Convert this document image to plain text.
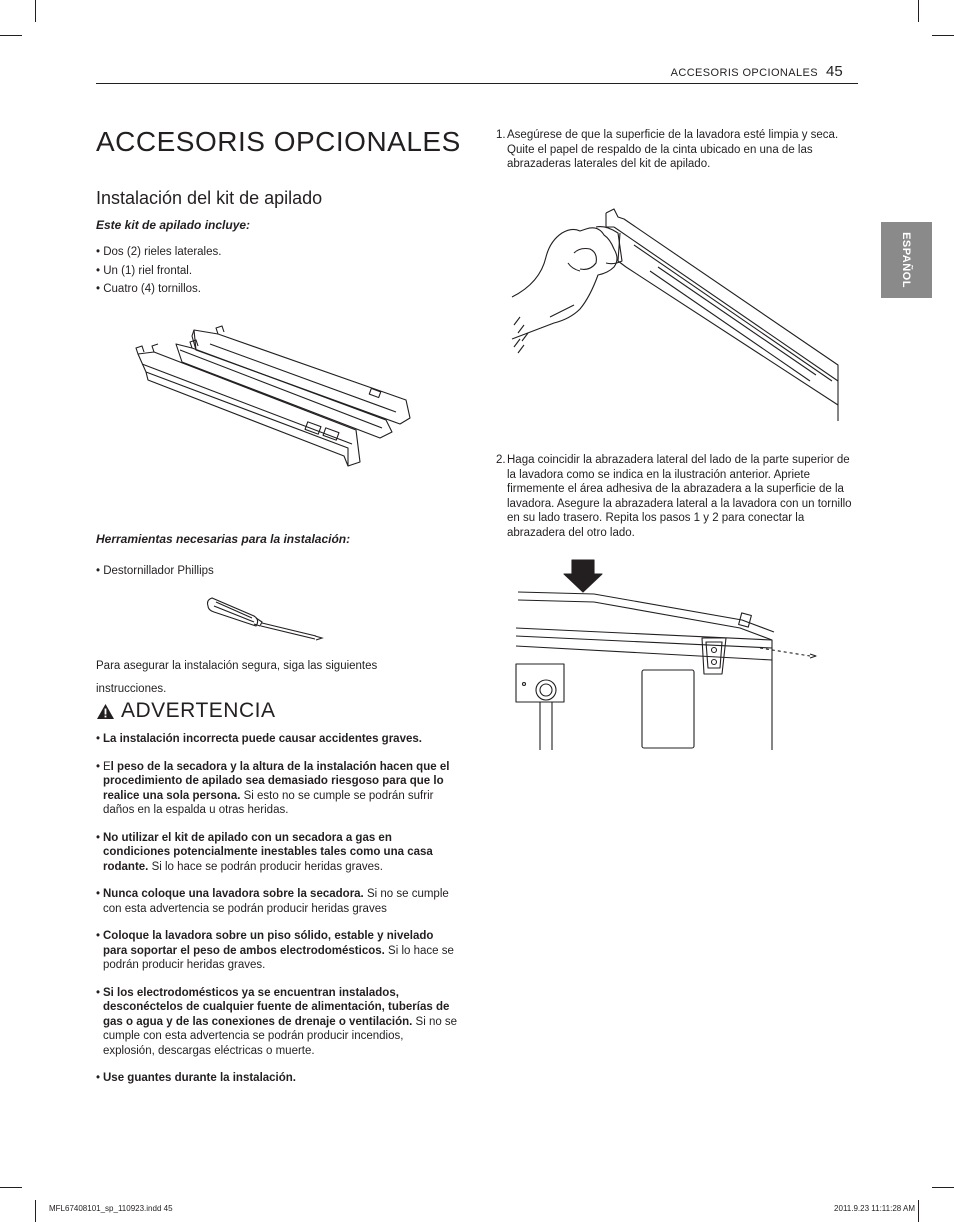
ACCESORIS OPCIONALES 45
ESPAÑOL
ACCESORIS OPCIONALES
Instalación del kit de apilado
Este kit de apilado incluye:
• Dos (2) rieles laterales.
• Un (1) riel frontal.
• Cuatro (4) tornillos.
Herramientas necesarias para la instalación:
• Destornillador Phillips
Para asegurar la instalación segura, siga las siguientes instrucciones.
ADVERTENCIA
• La instalación incorrecta puede causar accidentes graves.
• El peso de la secadora y la altura de la instalación hacen que el procedimiento de apilado sea demasiado riesgoso para que lo realice una sola persona. Si esto no se cumple se podrán sufrir daños en la espalda u otras heridas.
• No utilizar el kit de apilado con un secadora a gas en condiciones potencialmente inestables tales como una casa rodante. Si lo hace se podrán producir heridas graves.
• Nunca coloque una lavadora sobre la secadora. Si no se cumple con esta advertencia se podrán producir heridas graves
• Coloque la lavadora sobre un piso sólido, estable y nivelado para soportar el peso de ambos electrodomésticos. Si lo hace se podrán producir heridas graves.
• Si los electrodomésticos ya se encuentran instalados, desconéctelos de cualquier fuente de alimentación, tuberías de gas o agua y de las conexiones de drenaje o ventilación. Si no se cumple con esta advertencia se podrán producir incendios, explosión, descargas eléctricas o muerte.
• Use guantes durante la instalación.
1. Asegúrese de que la superficie de la lavadora esté limpia y seca. Quite el papel de respaldo de la cinta ubicado en una de las abrazaderas laterales del kit de apilado.
2. Haga coincidir la abrazadera lateral del lado de la parte superior de la lavadora como se indica en la ilustración anterior. Apriete firmemente el área adhesiva de la abrazadera a la superficie de la lavadora. Asegure la abrazadera lateral a la lavadora con un tornillo en su lado trasero. Repita los pasos 1 y 2 para conectar la abrazadera del otro lado.
MFL67408101_sp_110923.indd 45	2011.9.23 11:11:28 AM
